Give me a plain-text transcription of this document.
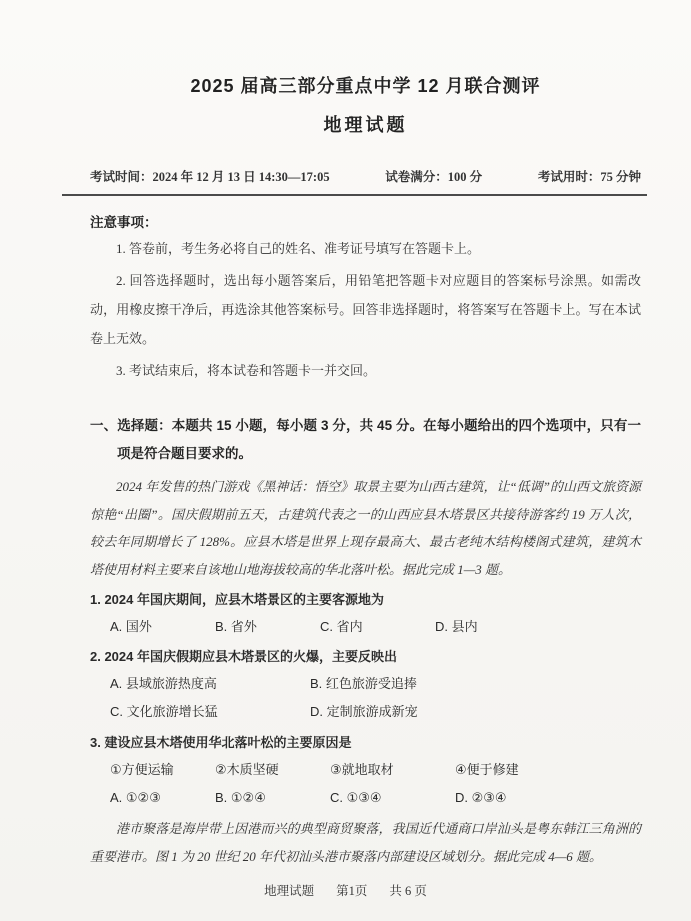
2025 届高三部分重点中学 12 月联合测评
地理试题
考试时间：2024 年 12 月 13 日 14:30—17:05	试卷满分：100 分	考试用时：75 分钟
注意事项：

1. 答卷前，考生务必将自己的姓名、准考证号填写在答题卡上。

2. 回答选择题时，选出每小题答案后，用铅笔把答题卡对应题目的答案标号涂黑。如需改动，用橡皮擦干净后，再选涂其他答案标号。回答非选择题时，将答案写在答题卡上。写在本试卷上无效。

3. 考试结束后，将本试卷和答题卡一并交回。

一、选择题：本题共 15 小题，每小题 3 分，共 45 分。在每小题给出的四个选项中，只有一项是符合题目要求的。

2024 年发售的热门游戏《黑神话：悟空》取景主要为山西古建筑，让“低调”的山西文旅资源惊艳“出圈”。国庆假期前五天，古建筑代表之一的山西应县木塔景区共接待游客约 19 万人次，较去年同期增长了 128%。应县木塔是世界上现存最高大、最古老纯木结构楼阁式建筑，建筑木塔使用材料主要来自该地山地海拔较高的华北落叶松。据此完成 1—3 题。

1. 2024 年国庆期间，应县木塔景区的主要客源地为
A. 国外	B. 省外	C. 省内	D. 县内
2. 2024 年国庆假期应县木塔景区的火爆，主要反映出
A. 县域旅游热度高	B. 红色旅游受追捧
C. 文化旅游增长猛	D. 定制旅游成新宠
3. 建设应县木塔使用华北落叶松的主要原因是
①方便运输	②木质坚硬	③就地取材	④便于修建
A. ①②③	B. ①②④	C. ①③④	D. ②③④

港市聚落是海岸带上因港而兴的典型商贸聚落，我国近代通商口岸汕头是粤东韩江三角洲的重要港市。图 1 为 20 世纪 20 年代初汕头港市聚落内部建设区域划分。据此完成 4—6 题。

地理试题 第1页 共 6 页
